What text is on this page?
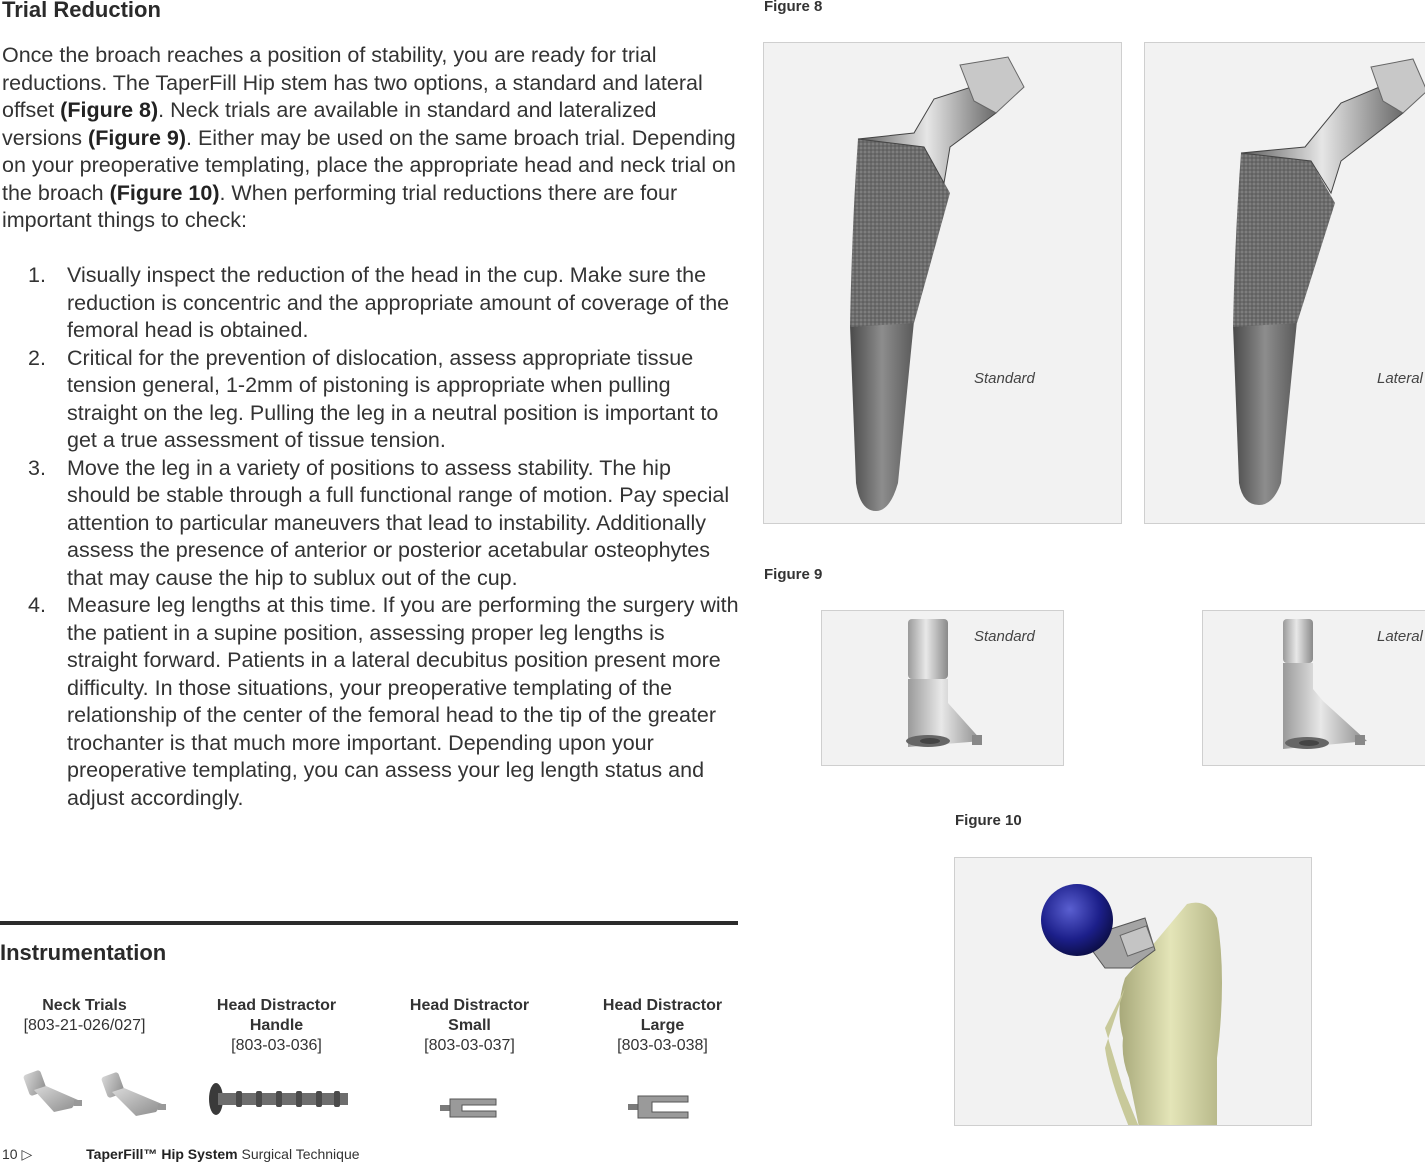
Trial Reduction

Once the broach reaches a position of stability, you are ready for trial reductions. The TaperFill Hip stem has two options, a standard and lateral offset (Figure 8). Neck trials are available in standard and lateralized versions (Figure 9). Either may be used on the same broach trial. Depending on your preoperative templating, place the appropriate head and neck trial on the broach (Figure 10). When performing trial reductions there are four important things to check:

1. Visually inspect the reduction of the head in the cup. Make sure the reduction is concentric and the appropriate amount of coverage of the femoral head is obtained.
2. Critical for the prevention of dislocation, assess appropriate tissue tension general, 1-2mm of pistoning is appropriate when pulling straight on the leg. Pulling the leg in a neutral position is important to get a true assessment of tissue tension.
3. Move the leg in a variety of positions to assess stability. The hip should be stable through a full functional range of motion. Pay special attention to particular maneuvers that lead to instability. Additionally assess the presence of anterior or posterior acetabular osteophytes that may cause the hip to sublux out of the cup.
4. Measure leg lengths at this time. If you are performing the surgery with the patient in a supine position, assessing proper leg lengths is straight forward. Patients in a lateral decubitus position present more difficulty. In those situations, your preoperative templating of the relationship of the center of the femoral head to the tip of the greater trochanter is that much more important. Depending upon your preoperative templating, you can assess your leg length status and adjust accordingly.
Instrumentation
Neck Trials
[803-21-026/027]
Head Distractor Handle
[803-03-036]
Head Distractor Small
[803-03-037]
Head Distractor Large
[803-03-038]
10 ▷	TaperFill™ Hip System Surgical Technique
Figure 8
Standard	Lateral
Figure 9
Standard	Lateral
Figure 10
